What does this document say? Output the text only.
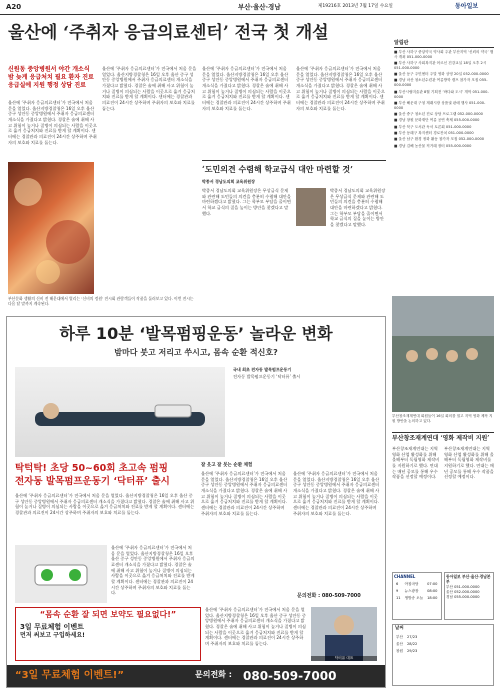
A20	부산·울산·경남	제19216호 2013년 7월 17일 수요일	동아일보
울산에 ‘주취자 응급의료센터’ 전국 첫 개설
신원동 중앙병원서 야간 개소식
밤 늦게 응급처치 필요 환자 진료
응급실에 지원 행정 상담 진료
울산에 ‘주취자 응급의료센터’가 전국에서 처음 문을 열었다. 울산지방경찰청은 16일 오후 울산 중구 성안동 중앙병원에서 주취자 응급의료센터 개소식을 가졌다고 밝혔다. 경찰은 술에 취해 사고 위험이 높거나 질병이 의심되는 사람을 이곳으로 옮겨 응급처치와 진료를 받게 할 계획이다. 센터에는 경찰관과 의료진이 24시간 상주하며 주취자의 보호와 치료를 돕는다.
울산에 ‘주취자 응급의료센터’가 전국에서 처음 문을 열었다. 울산지방경찰청은 16일 오후 울산 중구 성안동 중앙병원에서 주취자 응급의료센터 개소식을 가졌다고 밝혔다. 경찰은 술에 취해 사고 위험이 높거나 질병이 의심되는 사람을 이곳으로 옮겨 응급처치와 진료를 받게 할 계획이다. 센터에는 경찰관과 의료진이 24시간 상주하며 주취자의 보호와 치료를 돕는다.
울산에 ‘주취자 응급의료센터’가 전국에서 처음 문을 열었다. 울산지방경찰청은 16일 오후 울산 중구 성안동 중앙병원에서 주취자 응급의료센터 개소식을 가졌다고 밝혔다. 경찰은 술에 취해 사고 위험이 높거나 질병이 의심되는 사람을 이곳으로 옮겨 응급처치와 진료를 받게 할 계획이다. 센터에는 경찰관과 의료진이 24시간 상주하며 주취자의 보호와 치료를 돕는다.
울산에 ‘주취자 응급의료센터’가 전국에서 처음 문을 열었다. 울산지방경찰청은 16일 오후 울산 중구 성안동 중앙병원에서 주취자 응급의료센터 개소식을 가졌다고 밝혔다. 경찰은 술에 취해 사고 위험이 높거나 질병이 의심되는 사람을 이곳으로 옮겨 응급처치와 진료를 받게 할 계획이다. 센터에는 경찰관과 의료진이 24시간 상주하며 주취자의 보호와 치료를 돕는다.
부산문화 생활의 신비 전 해운대에서 열리는 ‘신비의 정원’ 전시회 관람객들이 작품을 둘러보고 있다. 이번 전시는 다음 달 말까지 계속된다.
‘도민의견 수렴해 학교급식 대안 마련할 것’
박종서 경남도의회 교육위원장
박종서 경남도의회 교육위원장은 무상급식 문제와 관련해 도민들의 의견을 충분히 수렴해 대안을 마련하겠다고 밝혔다. 그는 학부모 부담을 줄이면서 학교 급식의 질을 높이는 방안을 찾겠다고 말했다.
박종서 경남도의회 교육위원장은 무상급식 문제와 관련해 도민들의 의견을 충분히 수렴해 대안을 마련하겠다고 밝혔다. 그는 학부모 부담을 줄이면서 학교 급식의 질을 높이는 방안을 찾겠다고 말했다.
알림판
■ 부산 사하구 중앙약국 약사회 주관 부산지역 ‘신뢰의 약국’ 행사 개최 051-000-0000
■ 부산 사하구 사회복지관 어르신 건강교실 18일 오후 2시 051-000-0000
■ 울산 동구 주민센터 주말 영화 상영 20일 052-000-0000
■ 경남 마산 청소년수련관 여름방학 캠프 참가자 모집 055-000-0000
■ 부산시립미술관 8월 기획전 ‘바다와 도시’ 개막 051-000-0000
■ 부산 해운대 구청 재래시장 상품권 판매 행사 051-000-0000
■ 울산 중구 청소년 진로 상담 프로그램 052-000-0000
■ 경남 창원 문화재단 여름 공연 축제 055-000-0000
■ 부산 북구 도서관 독서 토론회 051-000-0000
■ 부산 동래구 복지센터 경로잔치 051-000-0000
■ 울산 남구 환경 정화 활동 참가자 모집 052-000-0000
■ 경남 김해 농산물 직거래 장터 055-000-0000
부산창조재계연대 회원들이 16일 회의를 열고 지역 영화 제작 지원 방안을 논의하고 있다.
부산창조재계연대 ‘영화 제작비 지원’
부산창조재계연대는 지역 영화 산업 활성화를 위해 올해부터 독립영화 제작비를 지원하기로 했다. 연대는 매년 공모를 통해 우수 작품을 선정할 예정이다.
부산창조재계연대는 지역 영화 산업 활성화를 위해 올해부터 독립영화 제작비를 지원하기로 했다. 연대는 매년 공모를 통해 우수 작품을 선정할 예정이다.
동아일보 부산·울산·경남본부
부산 051-000-0000
울산 052-000-0000
경남 055-000-0000
CHANNEL
6	아침마당	07:00
9	뉴스광장	08:00
11	생방송 오늘	18:00
날씨
부산	27/23
울산	28/22
창원	29/23
하루 10분 ‘발목펌핑운동’ 놀라운 변화
밤마다 붓고 저리고 쑤시고, 몸속 순환 적신호?
국내 최초 전자동 발목펌프운동기
전자동 발목펌프운동기 ‘닥터퓨’ 출시
탁턱탁! 초당 50~60회 초고속 펌핑
전자동 발목펌프운동기 ‘닥터퓨’ 출시
울산에 ‘주취자 응급의료센터’가 전국에서 처음 문을 열었다. 울산지방경찰청은 16일 오후 울산 중구 성안동 중앙병원에서 주취자 응급의료센터 개소식을 가졌다고 밝혔다. 경찰은 술에 취해 사고 위험이 높거나 질병이 의심되는 사람을 이곳으로 옮겨 응급처치와 진료를 받게 할 계획이다. 센터에는 경찰관과 의료진이 24시간 상주하며 주취자의 보호와 치료를 돕는다.
울산에 ‘주취자 응급의료센터’가 전국에서 처음 문을 열었다. 울산지방경찰청은 16일 오후 울산 중구 성안동 중앙병원에서 주취자 응급의료센터 개소식을 가졌다고 밝혔다. 경찰은 술에 취해 사고 위험이 높거나 질병이 의심되는 사람을 이곳으로 옮겨 응급처치와 진료를 받게 할 계획이다. 센터에는 경찰관과 의료진이 24시간 상주하며 주취자의 보호와 치료를 돕는다.
잘 웃고 잘 붓는 순환 체험
울산에 ‘주취자 응급의료센터’가 전국에서 처음 문을 열었다. 울산지방경찰청은 16일 오후 울산 중구 성안동 중앙병원에서 주취자 응급의료센터 개소식을 가졌다고 밝혔다. 경찰은 술에 취해 사고 위험이 높거나 질병이 의심되는 사람을 이곳으로 옮겨 응급처치와 진료를 받게 할 계획이다. 센터에는 경찰관과 의료진이 24시간 상주하며 주취자의 보호와 치료를 돕는다.
울산에 ‘주취자 응급의료센터’가 전국에서 처음 문을 열었다. 울산지방경찰청은 16일 오후 울산 중구 성안동 중앙병원에서 주취자 응급의료센터 개소식을 가졌다고 밝혔다. 경찰은 술에 취해 사고 위험이 높거나 질병이 의심되는 사람을 이곳으로 옮겨 응급처치와 진료를 받게 할 계획이다. 센터에는 경찰관과 의료진이 24시간 상주하며 주취자의 보호와 치료를 돕는다.
문의전화 : 080-509-7000
“몸속 순환 잘 되면 보약도 필요없다!”
3일 무료체험 이벤트
먼저 써보고 구입하세요!
울산에 ‘주취자 응급의료센터’가 전국에서 처음 문을 열었다. 울산지방경찰청은 16일 오후 울산 중구 성안동 중앙병원에서 주취자 응급의료센터 개소식을 가졌다고 밝혔다. 경찰은 술에 취해 사고 위험이 높거나 질병이 의심되는 사람을 이곳으로 옮겨 응급처치와 진료를 받게 할 계획이다. 센터에는 경찰관과 의료진이 24시간 상주하며 주취자의 보호와 치료를 돕는다.
닥터퓨 대표
“3일 무료체험 이벤트!”	문의전화 : 080-509-7000
